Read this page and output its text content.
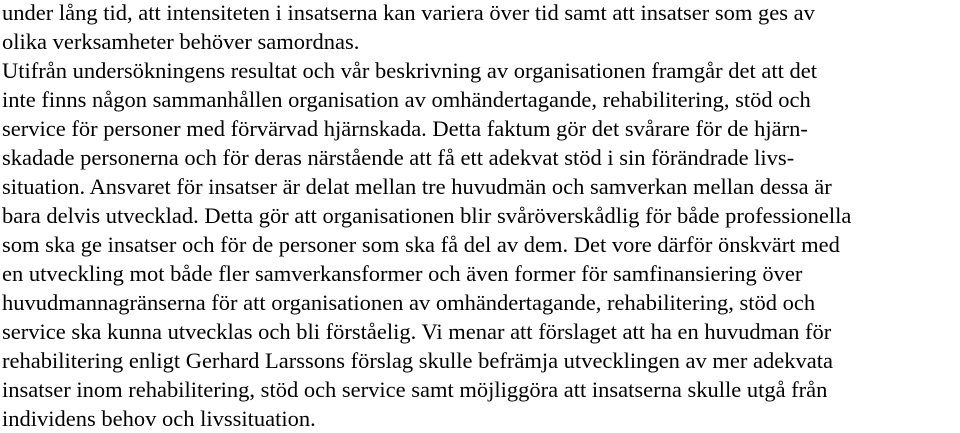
under lång tid, att intensiteten i insatserna kan variera över tid samt att insatser som ges av
olika verksamheter behöver samordnas.
Utifrån undersökningens resultat och vår beskrivning av organisationen framgår det att det
inte finns någon sammanhållen organisation av omhändertagande, rehabilitering, stöd och
service för personer med förvärvad hjärnskada. Detta faktum gör det svårare för de hjärn-
skadade personerna och för deras närstående att få ett adekvat stöd i sin förändrade livs-
situation. Ansvaret för insatser är delat mellan tre huvudmän och samverkan mellan dessa är
bara delvis utvecklad. Detta gör att organisationen blir svåröverskådlig för både professionella
som ska ge insatser och för de personer som ska få del av dem. Det vore därför önskvärt med
en utveckling mot både fler samverkansformer och även former för samfinansiering över
huvudmannagränserna för att organisationen av omhändertagande, rehabilitering, stöd och
service ska kunna utvecklas och bli förståelig. Vi menar att förslaget att ha en huvudman för
rehabilitering enligt Gerhard Larssons förslag skulle befrämja utvecklingen av mer adekvata
insatser inom rehabilitering, stöd och service samt möjliggöra att insatserna skulle utgå från
individens behov och livssituation.
